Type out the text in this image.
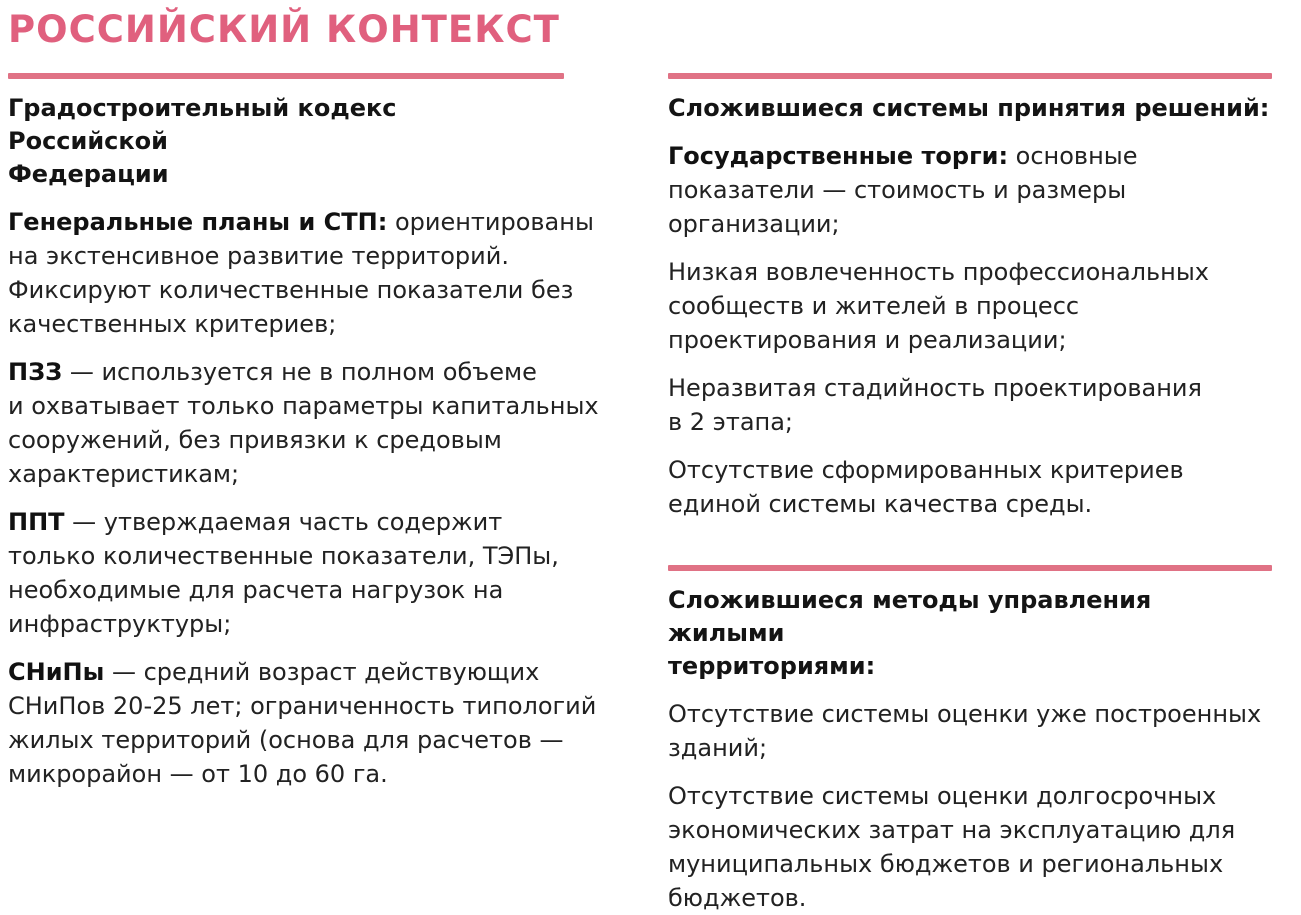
РОССИЙСКИЙ КОНТЕКСТ
Градостроительный кодекс Российской
Федерации
Генеральные планы и СТП: ориентированы
на экстенсивное развитие территорий.
Фиксируют количественные показатели без
качественных критериев;
ПЗЗ — используется не в полном объеме
и охватывает только параметры капитальных
сооружений, без привязки к средовым
характеристикам;
ППТ — утверждаемая часть содержит
только количественные показатели, ТЭПы,
необходимые для расчета нагрузок на
инфраструктуры;
СНиПы — средний возраст действующих
СНиПов 20-25 лет; ограниченность типологий
жилых территорий (основа для расчетов —
микрорайон — от 10 до 60 га.
Сложившиеся системы принятия решений:
Государственные торги: основные
показатели — стоимость и размеры
организации;
Низкая вовлеченность профессиональных
сообществ и жителей в процесс
проектирования и реализации;
Неразвитая стадийность проектирования
в 2 этапа;
Отсутствие сформированных критериев
единой системы качества среды.
Сложившиеся методы управления жилыми
территориями:
Отсутствие системы оценки уже построенных
зданий;
Отсутствие системы оценки долгосрочных
экономических затрат на эксплуатацию для
муниципальных бюджетов и региональных
бюджетов.
